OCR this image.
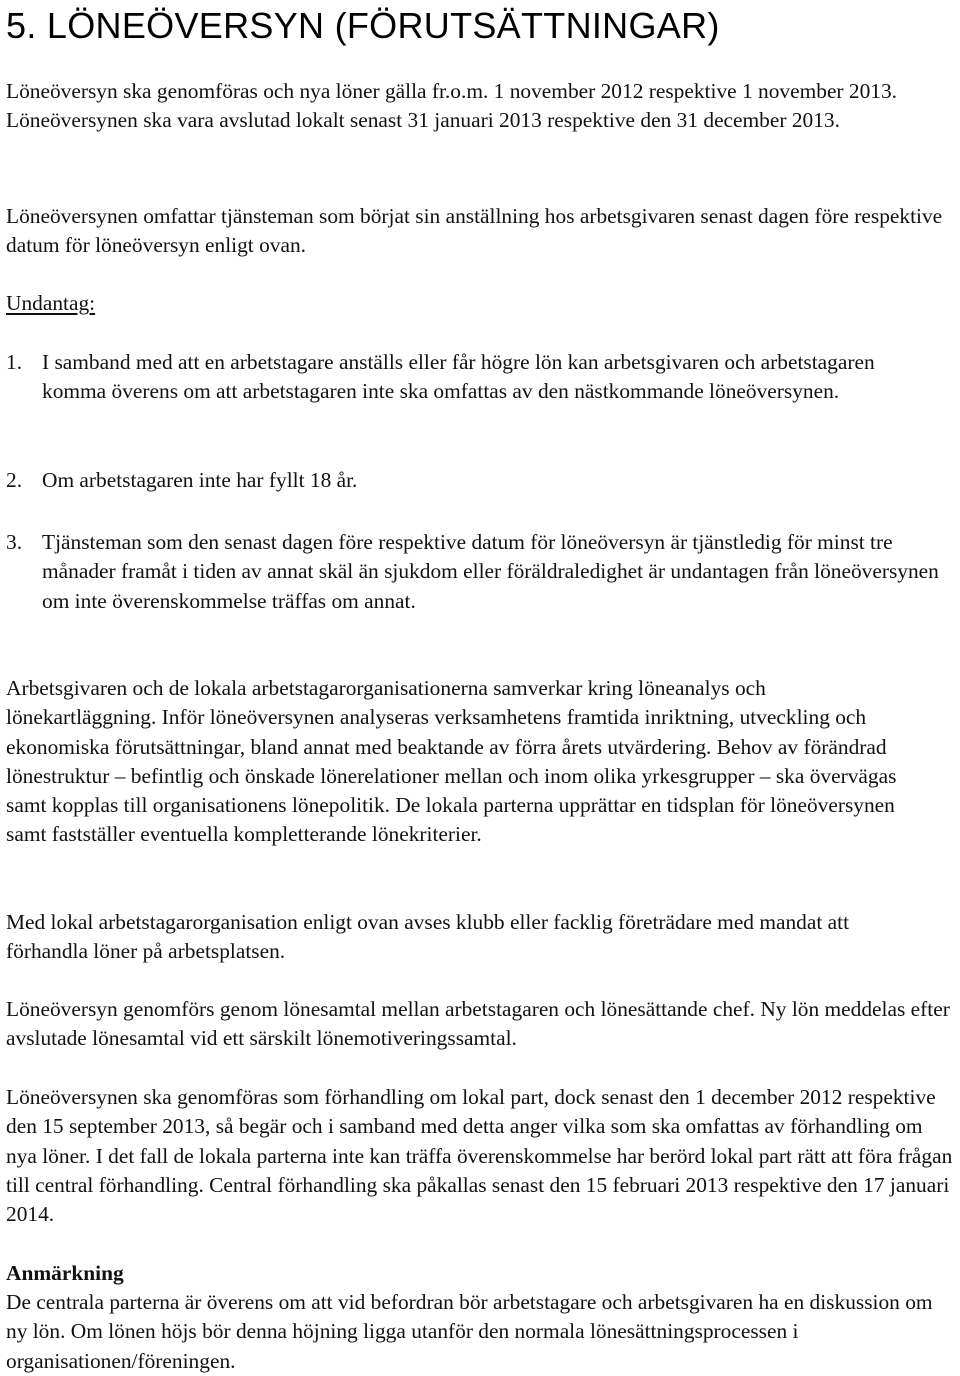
5. LÖNEÖVERSYN (FÖRUTSÄTTNINGAR)

Löneöversyn ska genomföras och nya löner gälla fr.o.m. 1 november 2012 respektive 1 november 2013. Löneöversynen ska vara avslutad lokalt senast 31 januari 2013 respektive den 31 december 2013.

Löneöversynen omfattar tjänsteman som börjat sin anställning hos arbetsgivaren senast dagen före respektive datum för löneöversyn enligt ovan.

Undantag:

1. I samband med att en arbetstagare anställs eller får högre lön kan arbetsgivaren och arbetstagaren komma överens om att arbetstagaren inte ska omfattas av den nästkommande löneöversynen.
2. Om arbetstagaren inte har fyllt 18 år.
3. Tjänsteman som den senast dagen före respektive datum för löneöversyn är tjänstledig för minst tre månader framåt i tiden av annat skäl än sjukdom eller föräldraledighet är undantagen från löneöversynen om inte överenskommelse träffas om annat.

Arbetsgivaren och de lokala arbetstagarorganisationerna samverkar kring löneanalys och lönekartläggning. Inför löneöversynen analyseras verksamhetens framtida inriktning, utveckling och ekonomiska förutsättningar, bland annat med beaktande av förra årets utvärdering. Behov av förändrad lönestruktur – befintlig och önskade lönerelationer mellan och inom olika yrkesgrupper – ska övervägas samt kopplas till organisationens lönepolitik. De lokala parterna upprättar en tidsplan för löneöversynen samt fastställer eventuella kompletterande lönekriterier.

Med lokal arbetstagarorganisation enligt ovan avses klubb eller facklig företrädare med mandat att förhandla löner på arbetsplatsen.

Löneöversyn genomförs genom lönesamtal mellan arbetstagaren och lönesättande chef. Ny lön meddelas efter avslutade lönesamtal vid ett särskilt lönemotiveringssamtal.

Löneöversynen ska genomföras som förhandling om lokal part, dock senast den 1 december 2012 respektive den 15 september 2013, så begär och i samband med detta anger vilka som ska omfattas av förhandling om nya löner. I det fall de lokala parterna inte kan träffa överenskommelse har berörd lokal part rätt att föra frågan till central förhandling. Central förhandling ska påkallas senast den 15 februari 2013 respektive den 17 januari 2014.

Anmärkning

De centrala parterna är överens om att vid befordran bör arbetstagare och arbetsgivaren ha en diskussion om ny lön. Om lönen höjs bör denna höjning ligga utanför den normala lönesättningsprocessen i organisationen/föreningen.
